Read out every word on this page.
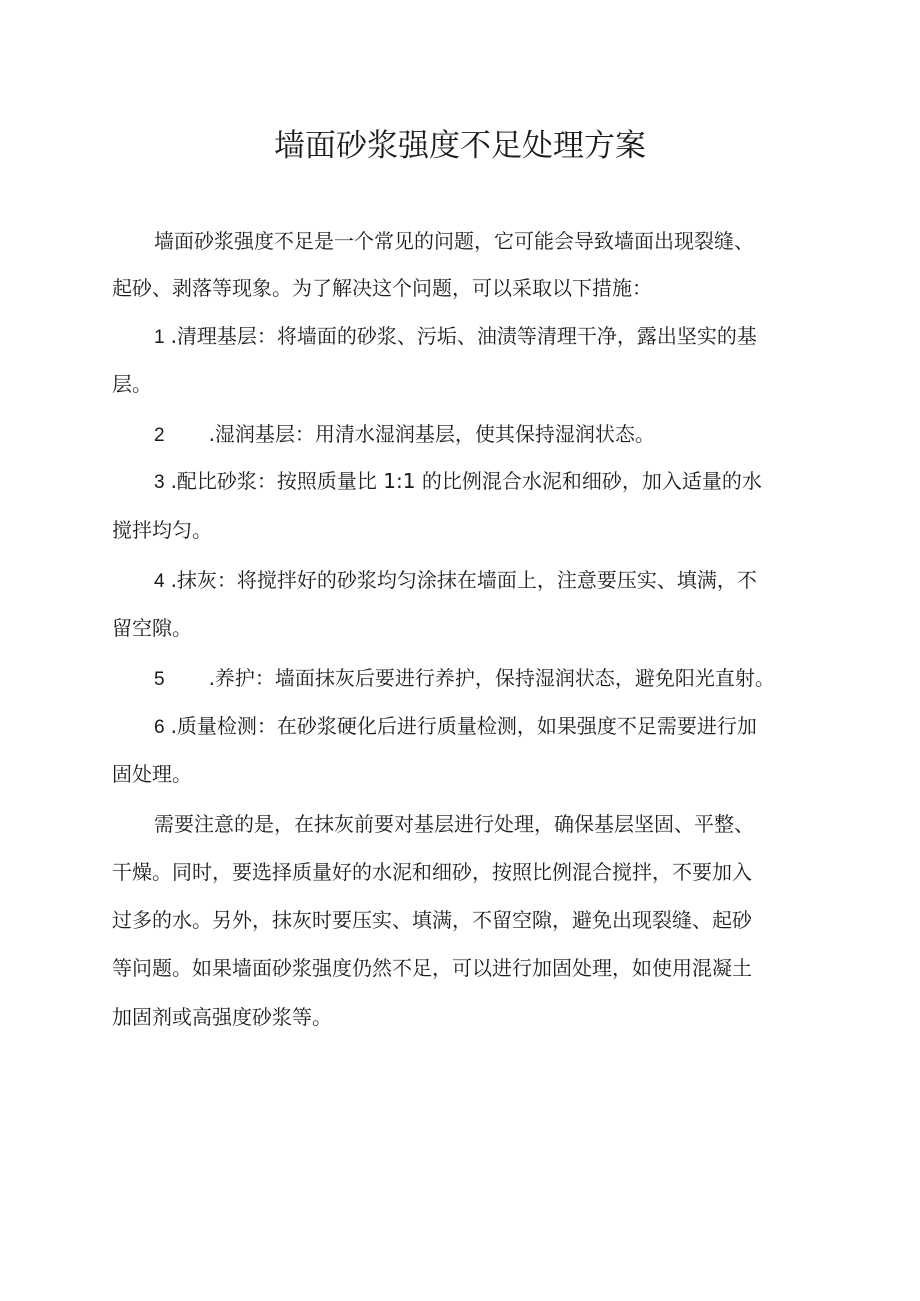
墙面砂浆强度不足处理方案

墙面砂浆强度不足是一个常见的问题，它可能会导致墙面出现裂缝、

起砂、剥落等现象。为了解决这个问题，可以采取以下措施：

1 .清理基层：将墙面的砂浆、污垢、油渍等清理干净，露出坚实的基

层。

2 .湿润基层：用清水湿润基层，使其保持湿润状态。

3 .配比砂浆：按照质量比 1:1 的比例混合水泥和细砂，加入适量的水

搅拌均匀。

4 .抹灰：将搅拌好的砂浆均匀涂抹在墙面上，注意要压实、填满，不

留空隙。

5 .养护：墙面抹灰后要进行养护，保持湿润状态，避免阳光直射。

6 .质量检测：在砂浆硬化后进行质量检测，如果强度不足需要进行加

固处理。

需要注意的是，在抹灰前要对基层进行处理，确保基层坚固、平整、

干燥。同时，要选择质量好的水泥和细砂，按照比例混合搅拌，不要加入

过多的水。另外，抹灰时要压实、填满，不留空隙，避免出现裂缝、起砂

等问题。如果墙面砂浆强度仍然不足，可以进行加固处理，如使用混凝土

加固剂或高强度砂浆等。
